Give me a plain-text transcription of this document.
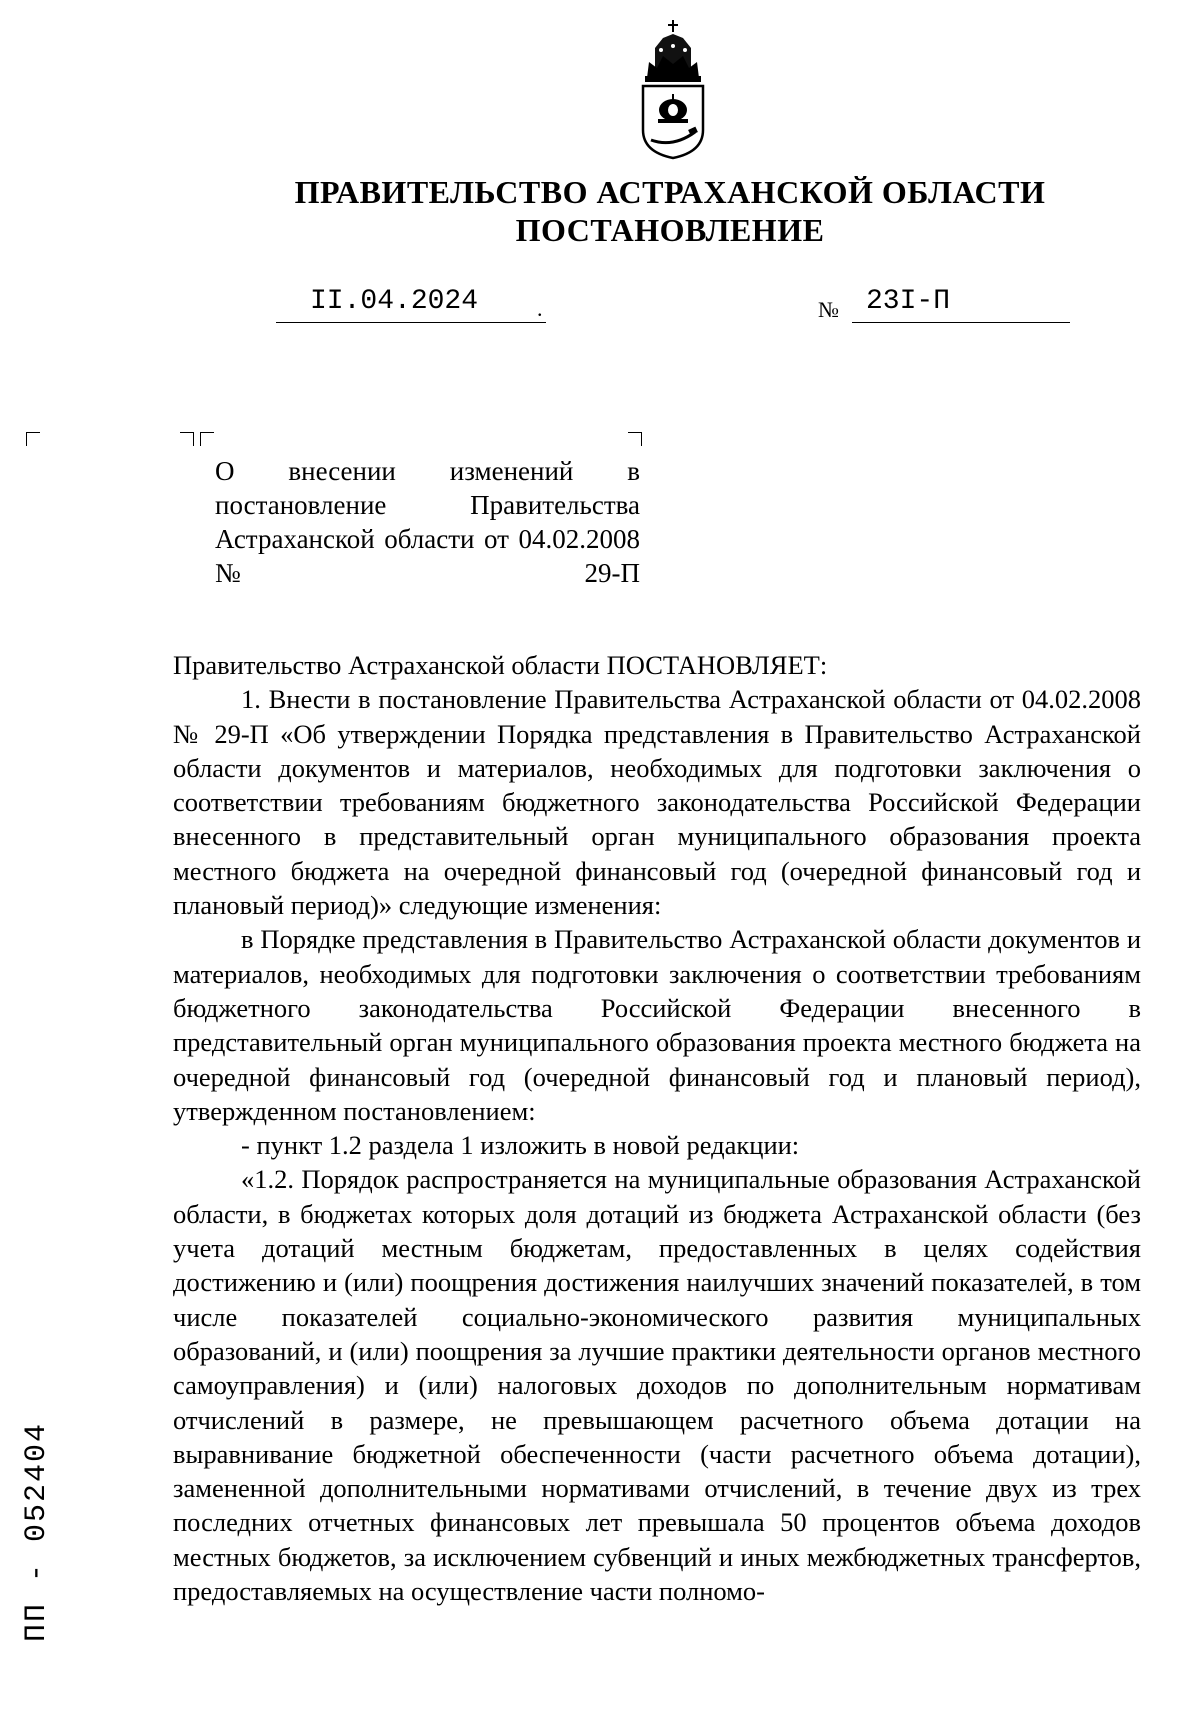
ПРАВИТЕЛЬСТВО АСТРАХАНСКОЙ ОБЛАСТИ
ПОСТАНОВЛЕНИЕ
II.04.2024	.	№ 23I-П
О внесении изменений в постановление Правительства Астраханской области от 04.02.2008 № 29-П

Правительство Астраханской области ПОСТАНОВЛЯЕТ:

1. Внести в постановление Правительства Астраханской области от 04.02.2008 № 29-П «Об утверждении Порядка представления в Правительство Астраханской области документов и материалов, необходимых для подготовки заключения о соответствии требованиям бюджетного законодательства Российской Федерации внесенного в представительный орган муниципального образования проекта местного бюджета на очередной финансовый год (очередной финансовый год и плановый период)» следующие изменения:

в Порядке представления в Правительство Астраханской области документов и материалов, необходимых для подготовки заключения о соответствии требованиям бюджетного законодательства Российской Федерации внесенного в представительный орган муниципального образования проекта местного бюджета на очередной финансовый год (очередной финансовый год и плановый период), утвержденном постановлением:

- пункт 1.2 раздела 1 изложить в новой редакции:

«1.2. Порядок распространяется на муниципальные образования Астраханской области, в бюджетах которых доля дотаций из бюджета Астраханской области (без учета дотаций местным бюджетам, предоставленных в целях содействия достижению и (или) поощрения достижения наилучших значений показателей, в том числе показателей социально-экономического развития муниципальных образований, и (или) поощрения за лучшие практики деятельности органов местного самоуправления) и (или) налоговых доходов по дополнительным нормативам отчислений в размере, не превышающем расчетного объема дотации на выравнивание бюджетной обеспеченности (части расчетного объема дотации), замененной дополнительными нормативами отчислений, в течение двух из трех последних отчетных финансовых лет превышала 50 процентов объема доходов местных бюджетов, за исключением субвенций и иных межбюджетных трансфертов, предоставляемых на осуществление части полномо-

ПП - 052404
